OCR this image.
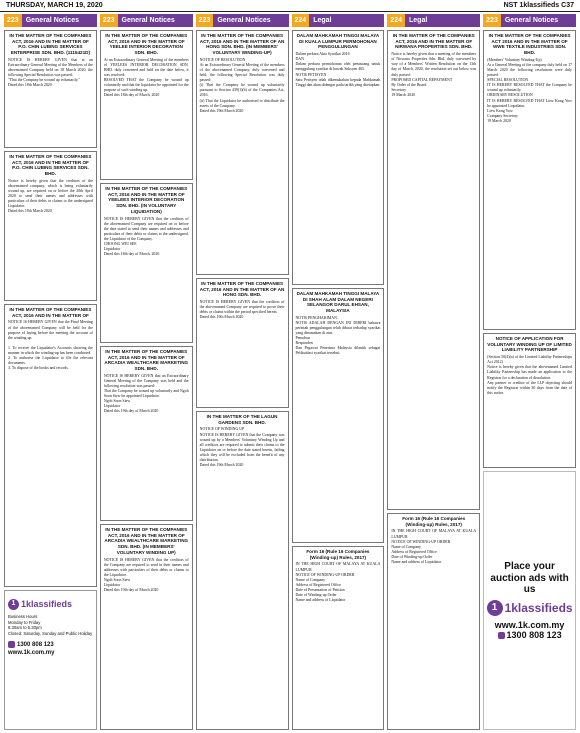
THURSDAY, MARCH 19, 2020	NST 1klassifieds C37
223	General Notices
IN THE MATTER OF THE COMPANIES ACT, 2016 AND IN THE MATTER OF P.O. CHIN LUBING SERVICES ENTERPRISE SDN. BHD. (1115421D)
NOTICE IS HEREBY GIVEN that at an Extraordinary General Meeting of the Members of the abovenamed Company held on 18 March 2020, the following Special Resolution was passed:
"That the Company be wound up voluntarily."
Dated this 18th March 2020
IN THE MATTER OF THE COMPANIES ACT, 2016 AND IN THE MATTER OF P.O. CHIN LUBING SERVICES SDN. BHD.
Notice is hereby given that the creditors of the abovenamed company, which is being voluntarily wound up, are required on or before the 20th April 2020 to send their names and addresses with particulars of their debts or claims to the undersigned Liquidator.
Dated this 18th March 2020
IN THE MATTER OF THE COMPANIES ACT, 2016 AND IN THE MATTER OF
NOTICE IS HEREBY GIVEN that the Final Meeting of the abovenamed Company will be held for the purpose of laying before the meeting the account of the winding up.

1. To receive the Liquidator's Accounts showing the manner in which the winding-up has been conducted.
2. To authorise the Liquidator to file the relevant documents.
3. To dispose of the books and records.
1 1klassifieds
Business Hours
Monday to Friday
8.30am to 5.30pm
Closed: Saturday, Sunday and Public Holiday
1300 808 123
www.1k.com.my
223	General Notices
IN THE MATTER OF THE COMPANIES ACT, 2016 AND IN THE MATTER OF YEELEE INTERIOR DECORATION SDN. BHD.
At an Extraordinary General Meeting of the members of YEELEES INTERIOR DECORATION SDN. BHD. duly convened and held on the date below, it was resolved:
RESOLVED THAT the Company be wound up voluntarily and that the liquidator be appointed for the purpose of such winding up.
Dated this 18th day of March, 2020
IN THE MATTER OF THE COMPANIES ACT, 2016 AND IN THE MATTER OF YEELEES INTERIOR DECORATION SDN. BHD. (IN VOLUNTARY LIQUIDATION)
NOTICE IS HEREBY GIVEN that the creditors of the abovenamed Company are required on or before the date stated to send their names and addresses and particulars of their debts or claims to the undersigned, the Liquidator of the Company.
CHOONG WEI SEE
Liquidator
Dated this 18th day of March, 2020
IN THE MATTER OF THE COMPANIES ACT, 2016 AND IN THE MATTER OF ARCADIA WEALTHCARE MARKETING SDN. BHD.
NOTICE IS HEREBY GIVEN that an Extraordinary General Meeting of the Company was held and the following resolution was passed:
That the Company be wound up voluntarily and Ngoh Soon Siew be appointed Liquidator.
Ngoh Soon Siew
Liquidator
Dated this 19th day of March 2020
IN THE MATTER OF THE COMPANIES ACT, 2016 AND IN THE MATTER OF ARCADIA WEALTHCARE MARKETING SDN. BHD. (IN MEMBERS' VOLUNTARY WINDING UP)
NOTICE IS HEREBY GIVEN that the creditors of the Company are required to send in their names and addresses with particulars of their debts or claims to the Liquidator.
Ngoh Soon Siew
Liquidator
Dated this 19th day of March 2020
223	General Notices
IN THE MATTER OF THE COMPANIES ACT, 2016 AND IN THE MATTER OF AN HONG SDN. BHD. (IN MEMBERS' VOLUNTARY WINDING-UP)
NOTICE OF RESOLUTION
At an Extraordinary General Meeting of the members of the abovenamed Company, duly convened and held, the following Special Resolution was duly passed:
(i) That the Company be wound up voluntarily pursuant to Section 439(1)(b) of the Companies Act, 2016.
(ii) That the Liquidator be authorised to distribute the assets of the Company.
Dated this 19th March 2020
IN THE MATTER OF THE COMPANIES ACT, 2016 AND IN THE MATTER OF AN HONG SDN. BHD.
NOTICE IS HEREBY GIVEN that the creditors of the abovenamed Company are required to prove their debts or claims within the period specified herein.
Dated this 19th March 2020
IN THE MATTER OF THE LAGUN GARDENS SDN. BHD.
NOTICE OF WINDING UP
NOTICE IS HEREBY GIVEN that the Company was wound up by a Members' Voluntary Winding Up and all creditors are required to submit their claims to the Liquidator on or before the date stated herein, failing which they will be excluded from the benefit of any distribution.
Dated this 19th March 2020
224	Legal
DALAM MAHKAMAH TINGGI MALAYA DI KUALA LUMPUR PERMOHONAN PENGGULUNGAN
Dalam perkara Akta Syarikat 2016
DAN
Dalam perkara permohonan oleh pemiutang untuk menggulung syarikat di bawah Seksyen 465.
NOTIS PETISYEN
Satu Petisyen telah dikemukakan kepada Mahkamah Tinggi dan akan didengar pada tarikh yang ditetapkan.
DALAM MAHKAMAH TINGGI MALAYA DI SHAH ALAM DALAM NEGERI SELANGOR DARUL EHSAN, MALAYSIA
NOTIS PENGHAKIMAN
NOTIS ADALAH DENGAN INI DIBERI bahawa perintah penggulungan telah dibuat terhadap syarikat yang dinamakan di atas.
Pemohon
Responden
Dan Pegawai Penerima Malaysia dilantik sebagai Pelikuidasi syarikat tersebut.
Form 16 (Rule 16 Companies (Winding-up) Rules, 2017)
IN THE HIGH COURT OF MALAYA AT KUALA LUMPUR
NOTICE OF WINDING-UP ORDER
Name of Company
Address of Registered Office
Date of Presentation of Petition
Date of Winding-up Order
Name and address of Liquidator
224	Legal
IN THE MATTER OF THE COMPANIES ACT, 2016 AND IN THE MATTER OF NIRWANA PROPERTIES SDN. BHD.
Notice is hereby given that a meeting of the members of Nirwana Properties Sdn. Bhd. duly convened by way of a Members' Written Resolution on the 13th day of March, 2020, the resolution set out below was duly passed:
PROPOSED CAPITAL REPAYMENT
By Order of the Board
Secretary
19 March 2020
Form 16 (Rule 16 Companies (Winding-up) Rules, 2017)
IN THE HIGH COURT OF MALAYA AT KUALA LUMPUR
NOTICE OF WINDING-UP ORDER
Name of Company
Address of Registered Office
Date of Winding-up Order
Name and address of Liquidator
223	General Notices
IN THE MATTER OF THE COMPANIES ACT 2016 AND IN THE MATTER OF WWE TEXTILE INDUSTRIES SDN. BHD.
(Members' Voluntary Winding-Up)
At a General Meeting of the company duly held on 17 March 2020 the following resolutions were duly passed:
SPECIAL RESOLUTION
IT IS HEREBY RESOLVED THAT the Company be wound up voluntarily.
ORDINARY RESOLUTION
IT IS HEREBY RESOLVED THAT Liew Kong Yow be appointed Liquidator.
Liew Kong Yow
Company Secretary
19 March 2020
NOTICE OF APPLICATION FOR VOLUNTARY WINDING UP OF LIMITED LIABILITY PARTNERSHIP
(Section 50(4)(a) of the Limited Liability Partnerships Act 2012)
Notice is hereby given that the abovenamed Limited Liability Partnership has made an application to the Registrar for a declaration of dissolution.
Any partner or creditor of the LLP objecting should notify the Registrar within 30 days from the date of this notice.
Place your auction ads with us
1 1klassifieds
www.1k.com.my
1300 808 123
